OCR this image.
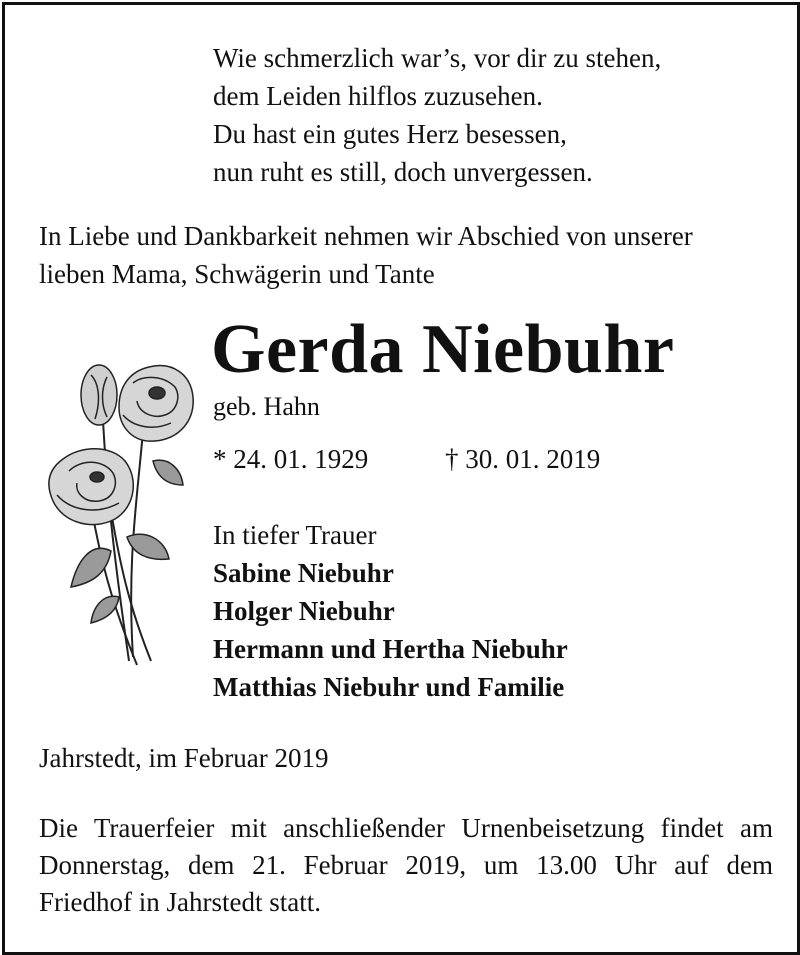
Wie schmerzlich war’s, vor dir zu stehen,
dem Leiden hilflos zuzusehen.
Du hast ein gutes Herz besessen,
nun ruht es still, doch unvergessen.
In Liebe und Dankbarkeit nehmen wir Abschied von unserer
lieben Mama, Schwägerin und Tante
Gerda Niebuhr
geb. Hahn
* 24. 01. 1929	† 30. 01. 2019
In tiefer Trauer
Sabine Niebuhr
Holger Niebuhr
Hermann und Hertha Niebuhr
Matthias Niebuhr und Familie
Jahrstedt, im Februar 2019
Die Trauerfeier mit anschließender Urnenbeisetzung findet am Donnerstag, dem 21. Februar 2019, um 13.00 Uhr auf dem Friedhof in Jahrstedt statt.
